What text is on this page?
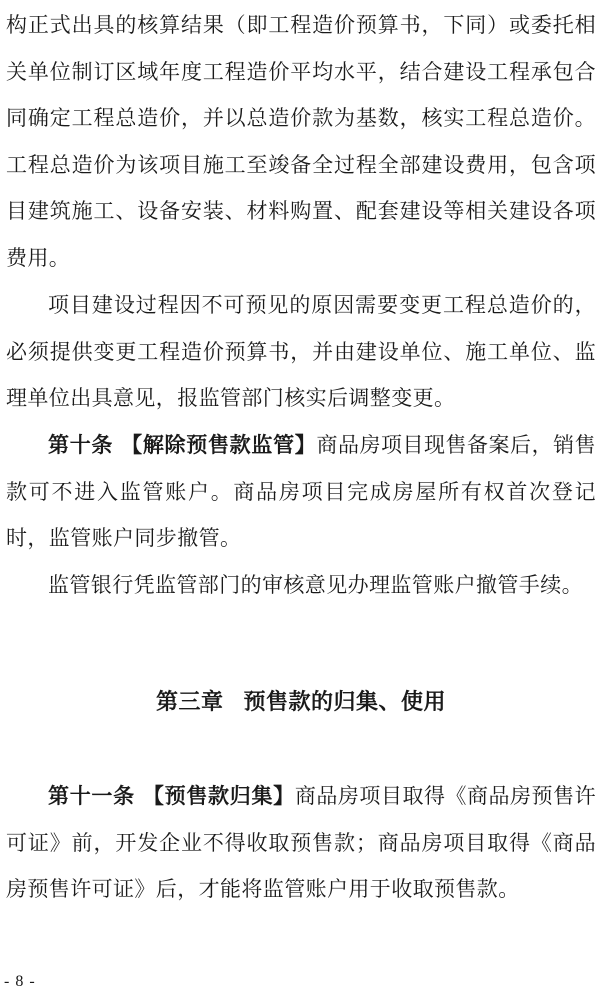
构正式出具的核算结果（即工程造价预算书，下同）或委托相关单位制订区域年度工程造价平均水平，结合建设工程承包合同确定工程总造价，并以总造价款为基数，核实工程总造价。工程总造价为该项目施工至竣备全过程全部建设费用，包含项目建筑施工、设备安装、材料购置、配套建设等相关建设各项费用。

项目建设过程因不可预见的原因需要变更工程总造价的，必须提供变更工程造价预算书，并由建设单位、施工单位、监理单位出具意见，报监管部门核实后调整变更。

第十条 【解除预售款监管】商品房项目现售备案后，销售款可不进入监管账户。商品房项目完成房屋所有权首次登记时，监管账户同步撤管。

监管银行凭监管部门的审核意见办理监管账户撤管手续。

第三章 预售款的归集、使用

第十一条 【预售款归集】商品房项目取得《商品房预售许可证》前，开发企业不得收取预售款；商品房项目取得《商品房预售许可证》后，才能将监管账户用于收取预售款。

- 8 -
